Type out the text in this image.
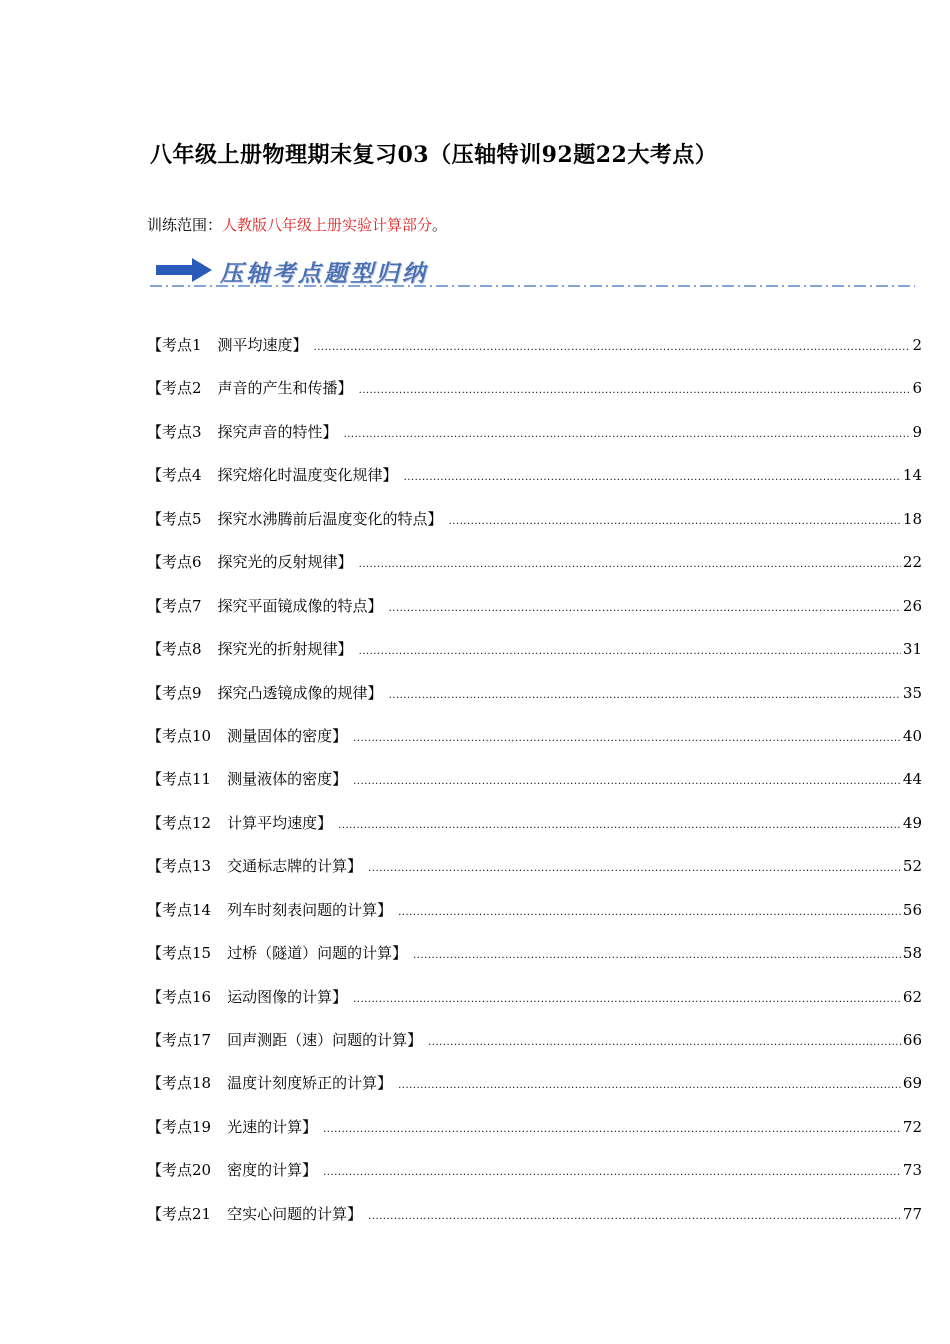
八年级上册物理期末复习03（压轴特训92题22大考点）
训练范围：人教版八年级上册实验计算部分。
压轴考点题型归纳
【考点1 测平均速度】 .....	2
【考点2 声音的产生和传播】 .....	6
【考点3 探究声音的特性】 .....	9
【考点4 探究熔化时温度变化规律】 .....	14
【考点5 探究水沸腾前后温度变化的特点】 .....	18
【考点6 探究光的反射规律】 .....	22
【考点7 探究平面镜成像的特点】 .....	26
【考点8 探究光的折射规律】 .....	31
【考点9 探究凸透镜成像的规律】 .....	35
【考点10 测量固体的密度】 .....	40
【考点11 测量液体的密度】 .....	44
【考点12 计算平均速度】 .....	49
【考点13 交通标志牌的计算】 .....	52
【考点14 列车时刻表问题的计算】 .....	56
【考点15 过桥（隧道）问题的计算】 .....	58
【考点16 运动图像的计算】 .....	62
【考点17 回声测距（速）问题的计算】 .....	66
【考点18 温度计刻度矫正的计算】 .....	69
【考点19 光速的计算】 .....	72
【考点20 密度的计算】 .....	73
【考点21 空实心问题的计算】 .....	77
